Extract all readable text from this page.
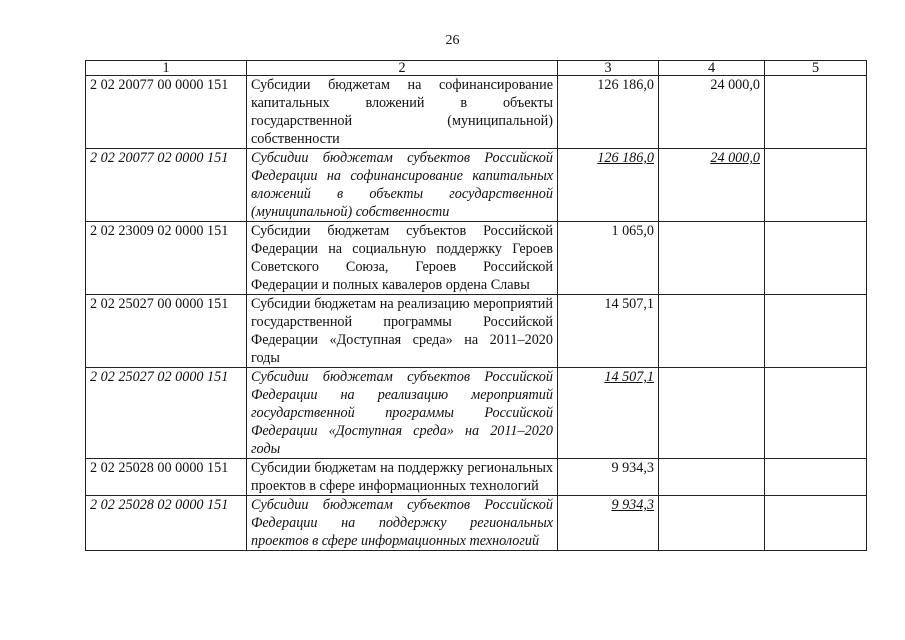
26
1	2	3	4	5
2 02 20077 00 0000 151	Субсидии бюджетам на софинансирование капитальных вложений в объекты государственной (муниципальной) собственности	126 186,0	24 000,0	
2 02 20077 02 0000 151	Субсидии бюджетам субъектов Российской Федерации на софинансирование капитальных вложений в объекты государственной (муниципальной) собственности	126 186,0	24 000,0	
2 02 23009 02 0000 151	Субсидии бюджетам субъектов Российской Федерации на социальную поддержку Героев Советского Союза, Героев Российской Федерации и полных кавалеров ордена Славы	1 065,0		
2 02 25027 00 0000 151	Субсидии бюджетам на реализацию мероприятий государственной программы Российской Федерации «Доступная среда» на 2011–2020 годы	14 507,1		
2 02 25027 02 0000 151	Субсидии бюджетам субъектов Российской Федерации на реализацию мероприятий государственной программы Российской Федерации «Доступная среда» на 2011–2020 годы	14 507,1		
2 02 25028 00 0000 151	Субсидии бюджетам на поддержку региональных проектов в сфере информационных технологий	9 934,3		
2 02 25028 02 0000 151	Субсидии бюджетам субъектов Российской Федерации на поддержку региональных проектов в сфере информационных технологий	9 934,3		
